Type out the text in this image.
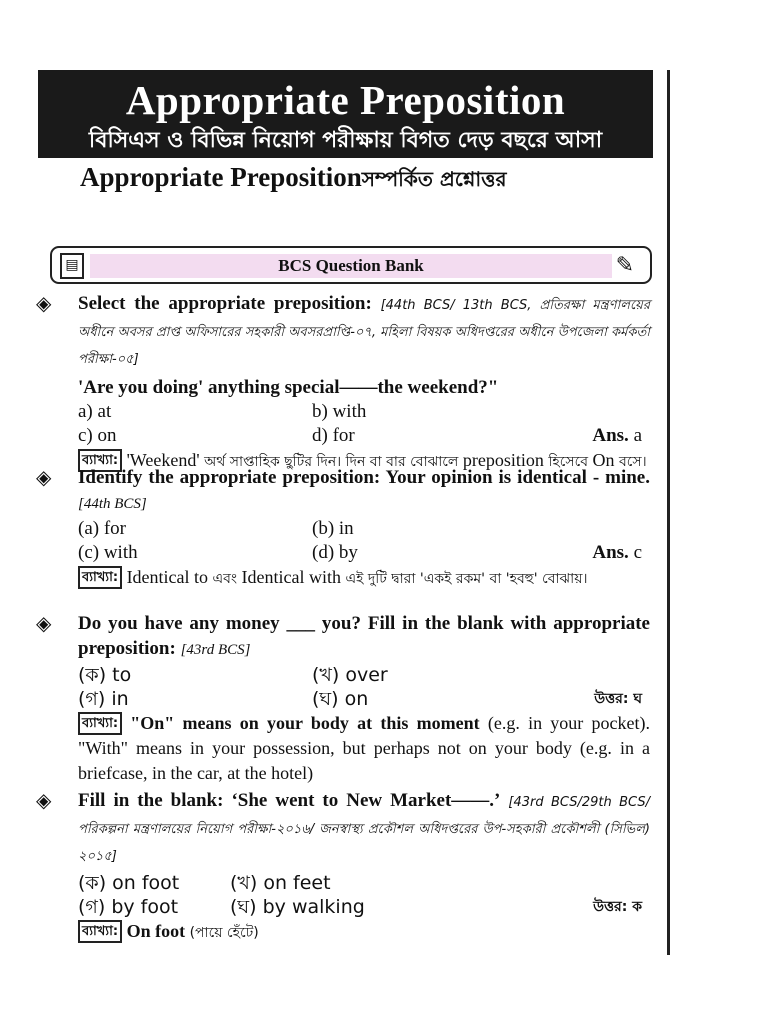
Appropriate Preposition
বিসিএস ও বিভিন্ন নিয়োগ পরীক্ষায় বিগত দেড় বছরে আসা
Appropriate Prepositionসম্পর্কিত প্রশ্নোত্তর
▤	BCS Question Bank	✎
◈ Select the appropriate preposition: [44th BCS/ 13th BCS, প্রতিরক্ষা মন্ত্রণালয়ের অধীনে অবসর প্রাপ্ত অফিসারের সহকারী অবসরপ্রাপ্তি-০৭, মহিলা বিষয়ক অধিদপ্তরের অধীনে উপজেলা কর্মকর্তা পরীক্ষা-০৫]
'Are you doing' anything special——the weekend?"
a) at	b) with
c) on	d) for	Ans. a
ব্যাখ্যা: 'Weekend' অর্থ সাপ্তাহিক ছুটির দিন। দিন বা বার বোঝালে preposition হিসেবে On বসে।
◈ Identify the appropriate preposition: Your opinion is identical - mine. [44th BCS]
(a) for	(b) in
(c) with	(d) by	Ans. c
ব্যাখ্যা: Identical to এবং Identical with এই দুটি দ্বারা 'একই রকম' বা 'হবহু' বোঝায়।
◈ Do you have any money ___ you? Fill in the blank with appropriate preposition: [43rd BCS]
(ক) to	(খ) over
(গ) in	(ঘ) on	উত্তর: ঘ
ব্যাখ্যা: "On" means on your body at this moment (e.g. in your pocket). "With" means in your possession, but perhaps not on your body (e.g. in a briefcase, in the car, at the hotel)
◈ Fill in the blank: ‘She went to New Market——.’ [43rd BCS/29th BCS/ পরিকল্পনা মন্ত্রণালয়ের নিয়োগ পরীক্ষা-২০১৬/ জনস্বাস্থ্য প্রকৌশল অধিদপ্তরের উপ-সহকারী প্রকৌশলী (সিভিল) ২০১৫]
(ক) on foot	(খ) on feet
(গ) by foot	(ঘ) by walking	উত্তর: ক
ব্যাখ্যা: On foot (পায়ে হেঁটে)
